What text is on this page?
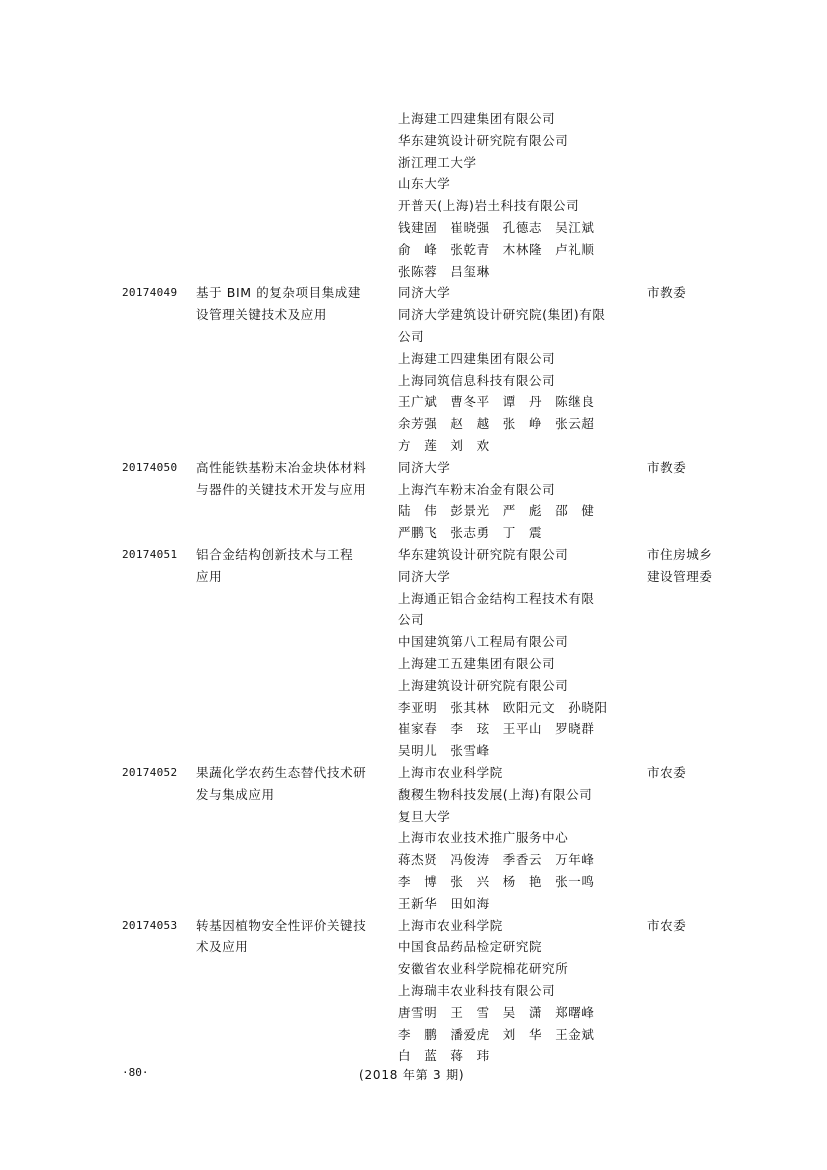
上海建工四建集团有限公司
华东建筑设计研究院有限公司
浙江理工大学
山东大学
开普天(上海)岩土科技有限公司
钱建固　崔晓强　孔德志　吴江斌
俞　峰　张乾青　木林隆　卢礼顺
张陈蓉　吕玺琳
20174049 基于 BIM 的复杂项目集成建
设管理关键技术及应用
同济大学
同济大学建筑设计研究院(集团)有限
公司
上海建工四建集团有限公司
上海同筑信息科技有限公司
王广斌　曹冬平　谭　丹　陈继良
余芳强　赵　越　张　峥　张云超
方　莲　刘　欢
市教委
20174050 高性能铁基粉末冶金块体材料
与器件的关键技术开发与应用
同济大学
上海汽车粉末冶金有限公司
陆　伟　彭景光　严　彪　邵　健
严鹏飞　张志勇　丁　震
市教委
20174051 铝合金结构创新技术与工程
应用
华东建筑设计研究院有限公司
同济大学
上海通正铝合金结构工程技术有限
公司
中国建筑第八工程局有限公司
上海建工五建集团有限公司
上海建筑设计研究院有限公司
李亚明　张其林　欧阳元文　孙晓阳
崔家春　李　玹　王平山　罗晓群
吴明儿　张雪峰
市住房城乡
建设管理委
20174052 果蔬化学农药生态替代技术研
发与集成应用
上海市农业科学院
馥稷生物科技发展(上海)有限公司
复旦大学
上海市农业技术推广服务中心
蒋杰贤　冯俊涛　季香云　万年峰
李　博　张　兴　杨　艳　张一鸣
王新华　田如海
市农委
20174053 转基因植物安全性评价关键技
术及应用
上海市农业科学院
中国食品药品检定研究院
安徽省农业科学院棉花研究所
上海瑞丰农业科技有限公司
唐雪明　王　雪　吴　潇　郑曙峰
李　鹏　潘爱虎　刘　华　王金斌
白　蓝　蒋　玮
市农委
·80·	(2018 年第 3 期)
